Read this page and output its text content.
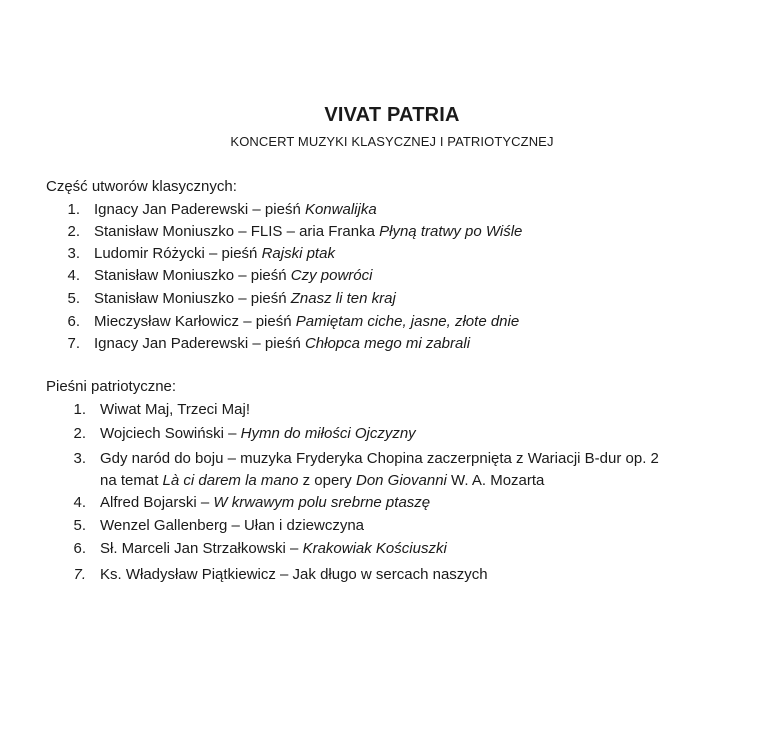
VIVAT PATRIA
KONCERT MUZYKI KLASYCZNEJ I PATRIOTYCZNEJ
Część utworów klasycznych:
1. Ignacy Jan Paderewski – pieśń Konwalijka
2. Stanisław Moniuszko – FLIS – aria Franka Płyną tratwy po Wiśle
3. Ludomir Różycki – pieśń Rajski ptak
4. Stanisław Moniuszko – pieśń Czy powróci
5. Stanisław Moniuszko – pieśń Znasz li ten kraj
6. Mieczysław Karłowicz – pieśń Pamiętam ciche, jasne, złote dnie
7. Ignacy Jan Paderewski – pieśń Chłopca mego mi zabrali
Pieśni patriotyczne:
1. Wiwat Maj, Trzeci Maj!
2. Wojciech Sowiński – Hymn do miłości Ojczyzny
3. Gdy naród do boju – muzyka Fryderyka Chopina zaczerpnięta z Wariacji B-dur op. 2
na temat Là ci darem la mano z opery Don Giovanni W. A. Mozarta
4. Alfred Bojarski – W krwawym polu srebrne ptaszę
5. Wenzel Gallenberg – Ułan i dziewczyna
6. Sł. Marceli Jan Strzałkowski – Krakowiak Kościuszki
7. Ks. Władysław Piątkiewicz – Jak długo w sercach naszych
